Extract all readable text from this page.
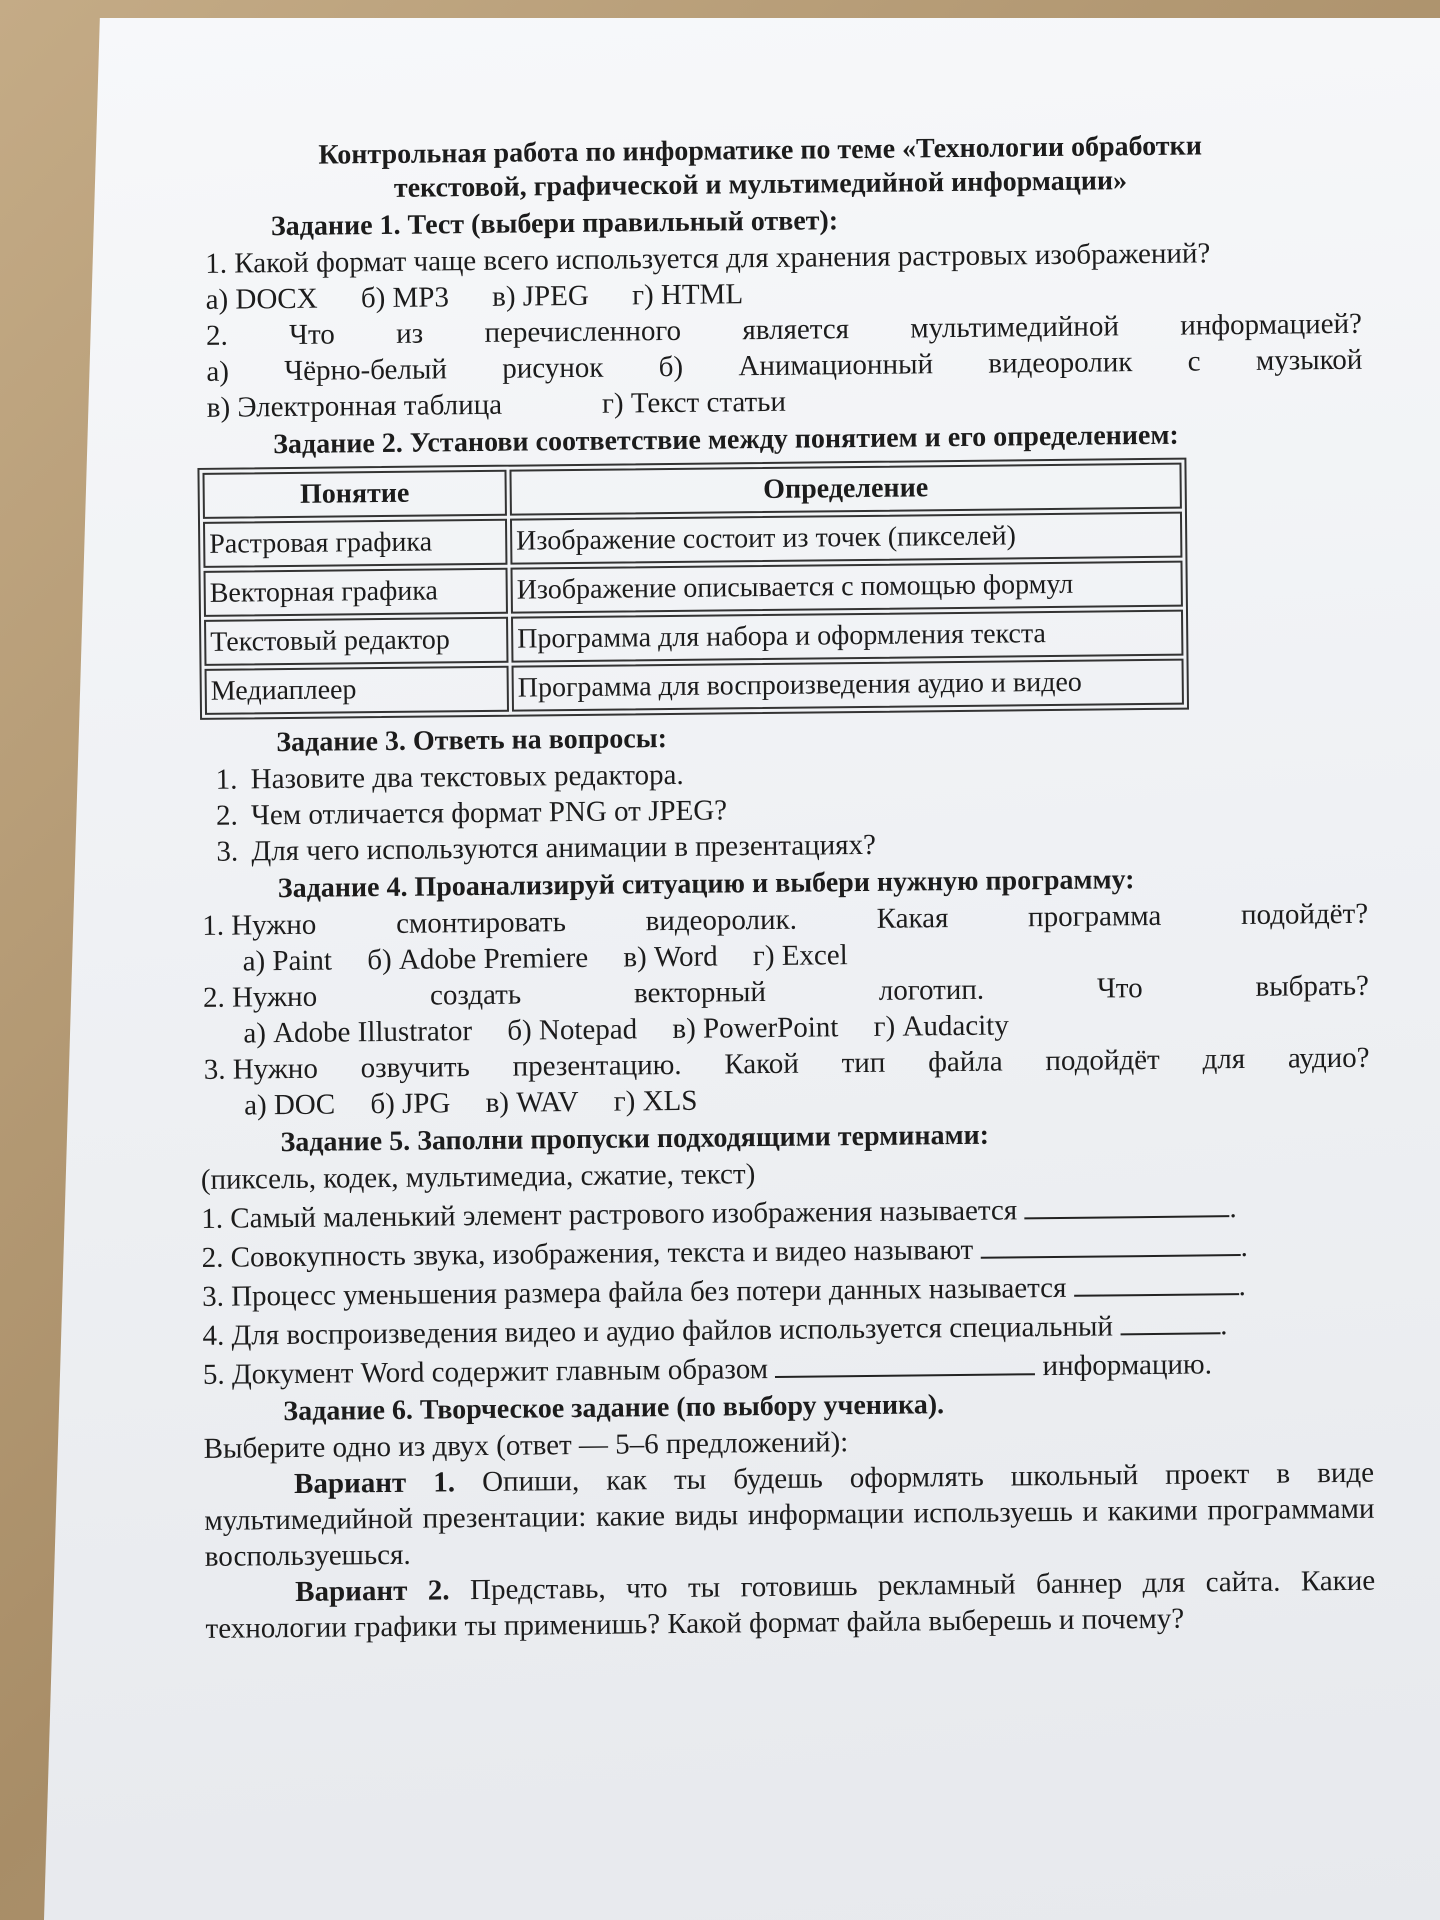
Контрольная работа по информатике по теме «Технологии обработки
текстовой, графической и мультимедийной информации»
Задание 1. Тест (выбери правильный ответ):
1. Какой формат чаще всего используется для хранения растровых изображений?
а) DOCX б) MP3 в) JPEG г) HTML
2. Что из перечисленного является мультимедийной информацией?
а) Чёрно-белый рисунок б) Анимационный видеоролик с музыкой
в) Электронная таблица	г) Текст статьи
Задание 2. Установи соответствие между понятием и его определением:
Понятие	Определение
Растровая графика	Изображение состоит из точек (пикселей)
Векторная графика	Изображение описывается с помощью формул
Текстовый редактор	Программа для набора и оформления текста
Медиаплеер	Программа для воспроизведения аудио и видео
Задание 3. Ответь на вопросы:
1. Назовите два текстовых редактора.
2. Чем отличается формат PNG от JPEG?
3. Для чего используются анимации в презентациях?
Задание 4. Проанализируй ситуацию и выбери нужную программу:
1. Нужно	смонтировать	видеоролик.	Какая	программа	подойдёт?
а) Paint б) Adobe Premiere в) Word г) Excel
2. Нужно	создать	векторный	логотип.	Что	выбрать?
а) Adobe Illustrator б) Notepad в) PowerPoint г) Audacity
3. Нужно озвучить презентацию. Какой тип файла подойдёт для аудио?
а) DOC б) JPG в) WAV г) XLS
Задание 5. Заполни пропуски подходящими терминами:
(пиксель, кодек, мультимедиа, сжатие, текст)
1. Самый маленький элемент растрового изображения называется	.
2. Совокупность звука, изображения, текста и видео называют	.
3. Процесс уменьшения размера файла без потери данных называется	.
4. Для воспроизведения видео и аудио файлов используется специальный	.
5. Документ Word содержит главным образом	информацию.
Задание 6. Творческое задание (по выбору ученика).
Выберите одно из двух (ответ — 5–6 предложений):
Вариант 1. Опиши, как ты будешь оформлять школьный проект в виде мультимедийной презентации: какие виды информации используешь и какими программами воспользуешься.
Вариант 2. Представь, что ты готовишь рекламный баннер для сайта. Какие технологии графики ты применишь? Какой формат файла выберешь и почему?
